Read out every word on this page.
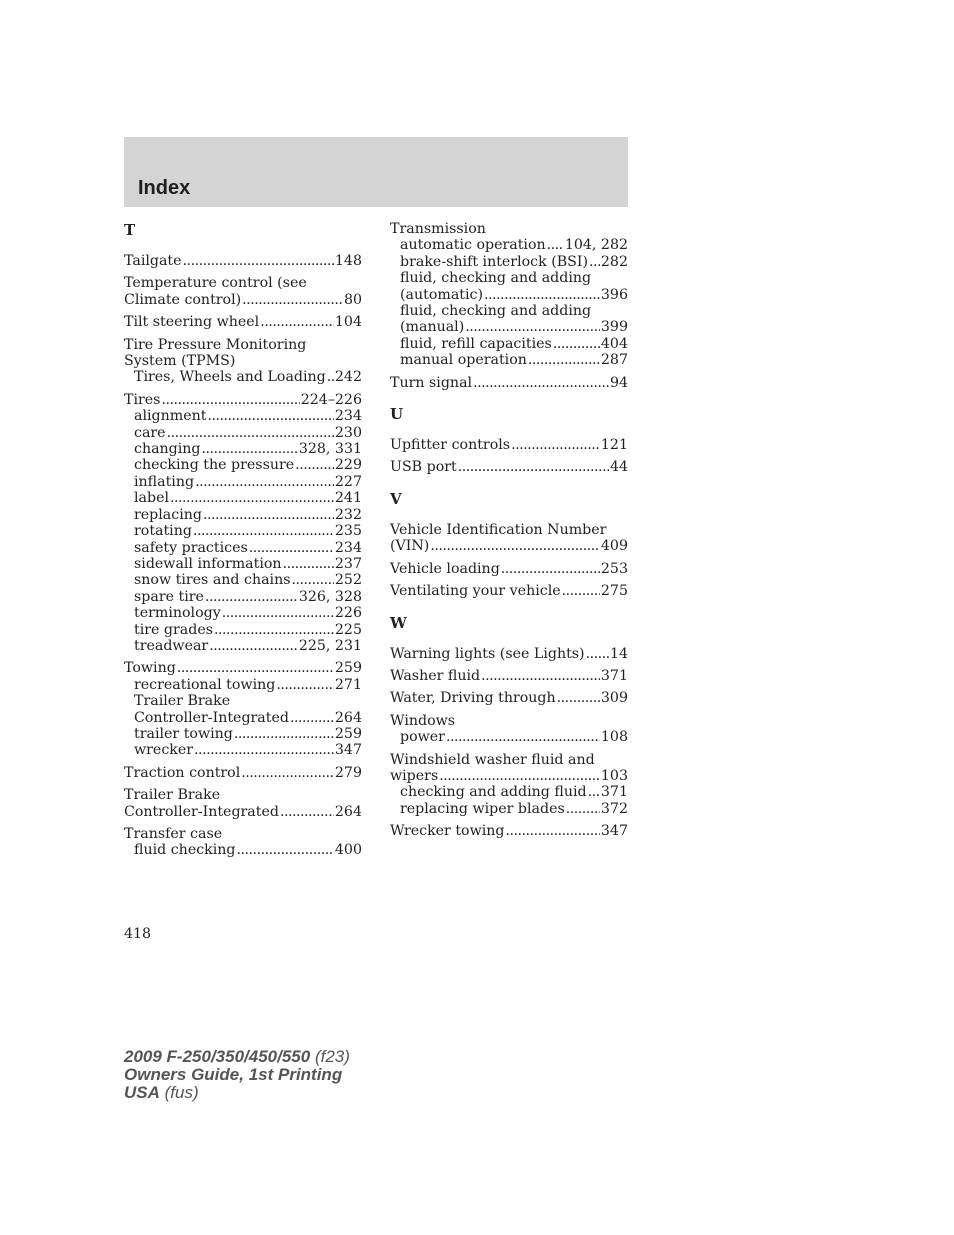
Index
T
Tailgate .....	148
Temperature control (see
Climate control) .....	80
Tilt steering wheel .....	104
Tire Pressure Monitoring
System (TPMS)
Tires, Wheels and Loading ..... 242
Tires .....	224–226
alignment .....	234
care .....	230
changing .....	328, 331
checking the pressure .....	229
inflating .....	227
label .....	241
replacing .....	232
rotating .....	235
safety practices .....	234
sidewall information .....	237
snow tires and chains .....	252
spare tire .....	326, 328
terminology .....	226
tire grades .....	225
treadwear .....	225, 231
Towing .....	259
recreational towing .....	271
Trailer Brake
Controller-Integrated .....	264
trailer towing .....	259
wrecker .....	347
Traction control .....	279
Trailer Brake
Controller-Integrated .....	264
Transfer case
fluid checking .....	400
Transmission
automatic operation ..... 104, 282
brake-shift interlock (BSI) ..... 282
fluid, checking and adding
(automatic) .....	396
fluid, checking and adding
(manual) .....	399
fluid, refill capacities .....	404
manual operation .....	287
Turn signal .....	94
U
Upfitter controls .....	121
USB port .....	44
V
Vehicle Identification Number
(VIN) .....	409
Vehicle loading .....	253
Ventilating your vehicle .....	275
W
Warning lights (see Lights) ..... 14
Washer fluid .....	371
Water, Driving through .....	309
Windows
power .....	108
Windshield washer fluid and
wipers .....	103
checking and adding fluid ..... 371
replacing wiper blades .....	372
Wrecker towing .....	347
418
2009 F-250/350/450/550 (f23)
Owners Guide, 1st Printing
USA (fus)
